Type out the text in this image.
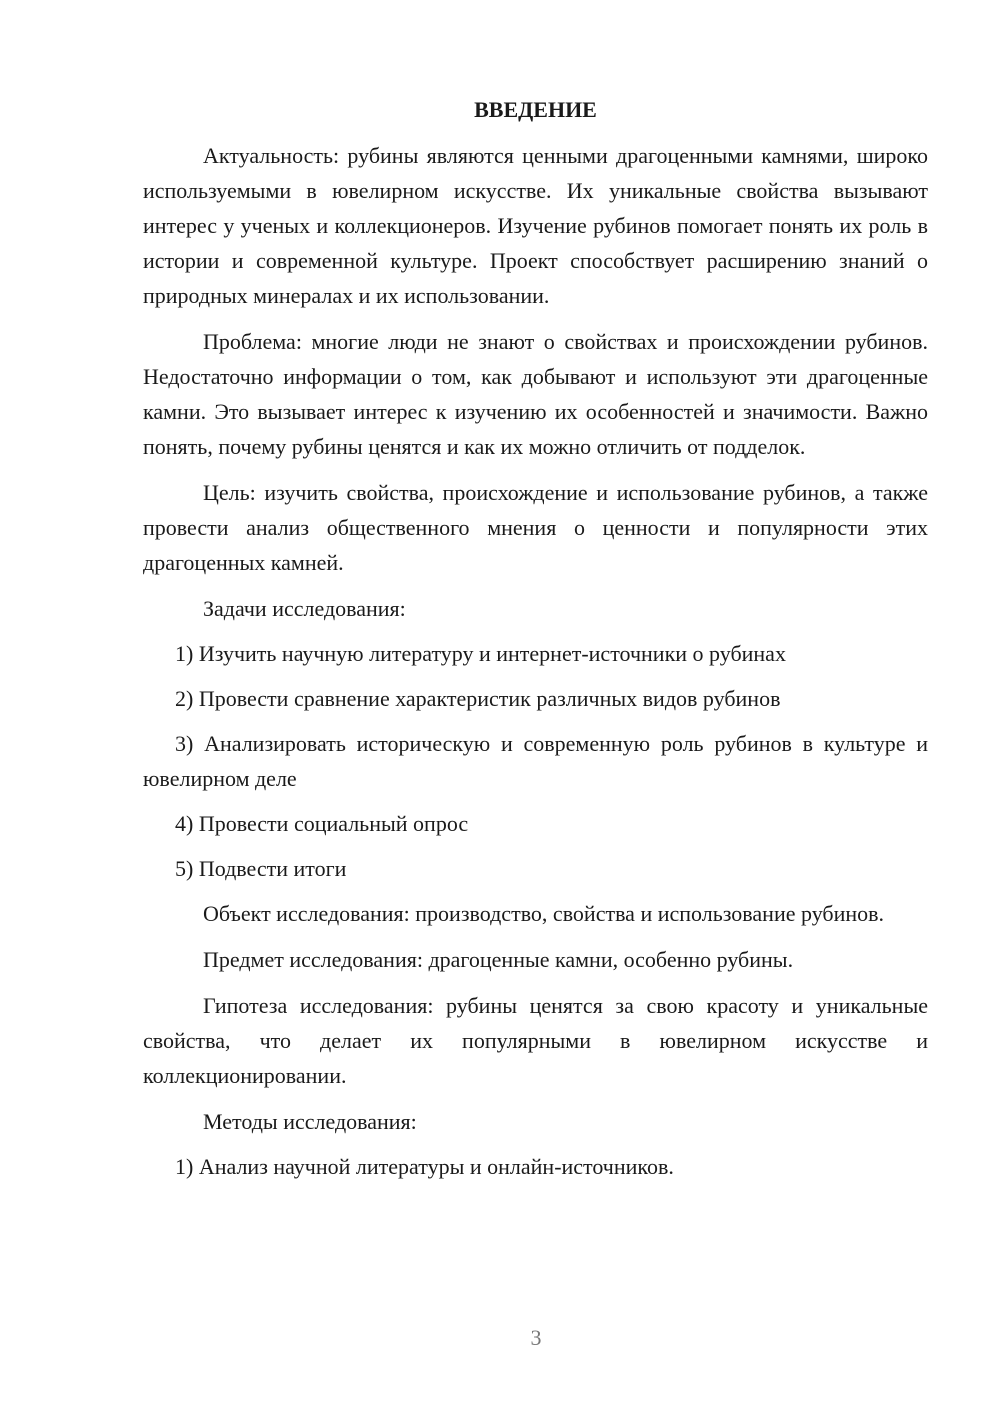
ВВЕДЕНИЕ

Актуальность: рубины являются ценными драгоценными камнями, широко используемыми в ювелирном искусстве. Их уникальные свойства вызывают интерес у ученых и коллекционеров. Изучение рубинов помогает понять их роль в истории и современной культуре. Проект способствует расширению знаний о природных минералах и их использовании.

Проблема: многие люди не знают о свойствах и происхождении рубинов. Недостаточно информации о том, как добывают и используют эти драгоценные камни. Это вызывает интерес к изучению их особенностей и значимости. Важно понять, почему рубины ценятся и как их можно отличить от подделок.

Цель: изучить свойства, происхождение и использование рубинов, а также провести анализ общественного мнения о ценности и популярности этих драгоценных камней.

Задачи исследования:

1) Изучить научную литературу и интернет-источники о рубинах

2) Провести сравнение характеристик различных видов рубинов

3) Анализировать историческую и современную роль рубинов в культуре и ювелирном деле

4) Провести социальный опрос

5) Подвести итоги

Объект исследования: производство, свойства и использование рубинов.

Предмет исследования: драгоценные камни, особенно рубины.

Гипотеза исследования: рубины ценятся за свою красоту и уникальные свойства, что делает их популярными в ювелирном искусстве и коллекционировании.

Методы исследования:

1) Анализ научной литературы и онлайн-источников.

3
